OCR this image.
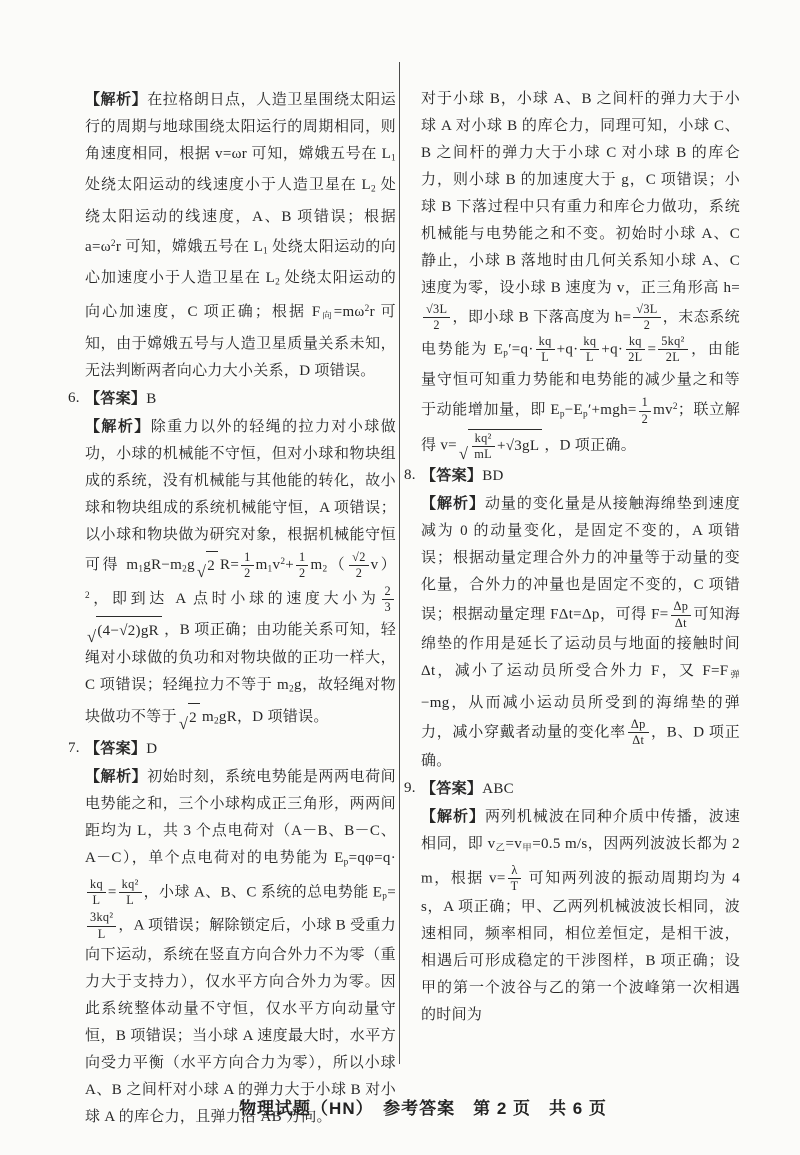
【解析】在拉格朗日点，人造卫星围绕太阳运行的周期与地球围绕太阳运行的周期相同，则角速度相同，根据 v=ωr 可知，嫦娥五号在 $L_1$ 处绕太阳运动的线速度小于人造卫星在 $L_2$ 处绕太阳运动的线速度，A、B 项错误；根据 $a=\omega^2r$ 可知，嫦娥五号在 $L_1$ 处绕太阳运动的向心加速度小于人造卫星在 $L_2$ 处绕太阳运动的向心加速度，C 项正确；根据 $F_向=m\omega^2r$ 可知，由于嫦娥五号与人造卫星质量关系未知，无法判断两者向心力大小关系，D 项错误。

6. 【答案】B

【解析】除重力以外的轻绳的拉力对小球做功，小球的机械能不守恒，但对小球和物块组成的系统，没有机械能与其他能的转化，故小球和物块组成的系统机械能守恒，A 项错误；以小球和物块做为研究对象，根据机械能守恒可得 $m_1gR-m_2g$ √ 2 $R= \frac{1}{2} m_1v^2+ \frac{1}{2} m_2( \frac{√2}{2} v)^2$，即到达 A 点时小球的速度大小为 $\frac{2}{3}$
√ (4−√2)gR ，B 项正确；由功能关系可知，轻绳对小球做的负功和对物块做的正功一样大，C 项错误；轻绳拉力不等于 $m_2g$，故轻绳对物块做功不等于 √ 2 $m_2gR$，D 项错误。

7. 【答案】D

【解析】初始时刻，系统电势能是两两电荷间电势能之和，三个小球构成正三角形，两两间距均为 L，共 3 个点电荷对（A－B、B－C、A－C），单个点电荷对的电势能为 $E_p=q\varphi=q\cdot$
$\frac{kq}{L} = \frac{\text{kq²}}{L}$ ，小球 A、B、C 系统的总电势能 $E_p=$
$\frac{\text{3kq²}}{L}$ ，A 项错误；解除锁定后，小球 B 受重力向下运动，系统在竖直方向合外力不为零（重力大于支持力），仅水平方向合外力为零。因此系统整体动量不守恒，仅水平方向动量守恒，B 项错误；当小球 A 速度最大时，水平方向受力平衡（水平方向合力为零），所以小球 A、B 之间杆对小球 A 的弹力大于小球 B 对小球 A 的库仑力，且弹力沿 AB 方向。

对于小球 B，小球 A、B 之间杆的弹力大于小球 A 对小球 B 的库仑力，同理可知，小球 C、B 之间杆的弹力大于小球 C 对小球 B 的库仑力，则小球 B 的加速度大于 g，C 项错误；小球 B 下落过程中只有重力和库仑力做功，系统机械能与电势能之和不变。初始时小球 A、C 静止，小球 B 落地时由几何关系知小球 A、C 速度为零，设小球 B 速度为 v，正三角形高 h=
$\frac{√3L}{2}$ ，即小球 B 下落高度为 $h= \frac{√3L}{2}$ ，末态系统电势能为 $E_p'=q\cdot \frac{kq}{L} +q\cdot \frac{kq}{L} +q\cdot \frac{kq}{2L} = \frac{\text{5kq²}}{2L}$ ，由能量守恒可知重力势能和电势能的减少量之和等于动能增加量，即 $E_p-E_p'+mgh= \frac{1}{2} mv^2$；联立解得 v= √ $\frac{\text{kq²}}{mL} +√3gL$ ，D 项正确。

8. 【答案】BD

【解析】动量的变化量是从接触海绵垫到速度减为 0 的动量变化，是固定不变的，A 项错误；根据动量定理合外力的冲量等于动量的变化量，合外力的冲量也是固定不变的，C 项错误；根据动量定理 FΔt=Δp，可得 $F= \frac{\Delta p}{\Delta t}$ 可知海绵垫的作用是延长了运动员与地面的接触时间 Δt，减小了运动员所受合外力 F，又 $F=F_弹-mg$，从而减小运动员所受到的海绵垫的弹力，减小穿戴者动量的变化率 $\frac{\Delta p}{\Delta t}$ ，B、D 项正确。

9. 【答案】ABC

【解析】两列机械波在同种介质中传播，波速相同，即 $v_乙=v_甲=0.5$ m/s，因两列波波长都为 2 m，根据 $v= \frac{\lambda}{T}$ 可知两列波的振动周期均为 4 s，A 项正确；甲、乙两列机械波波长相同，波速相同，频率相同，相位差恒定，是相干波，相遇后可形成稳定的干涉图样，B 项正确；设甲的第一个波谷与乙的第一个波峰第一次相遇的时间为

物理试题（HN）　参考答案　第 2 页　共 6 页
